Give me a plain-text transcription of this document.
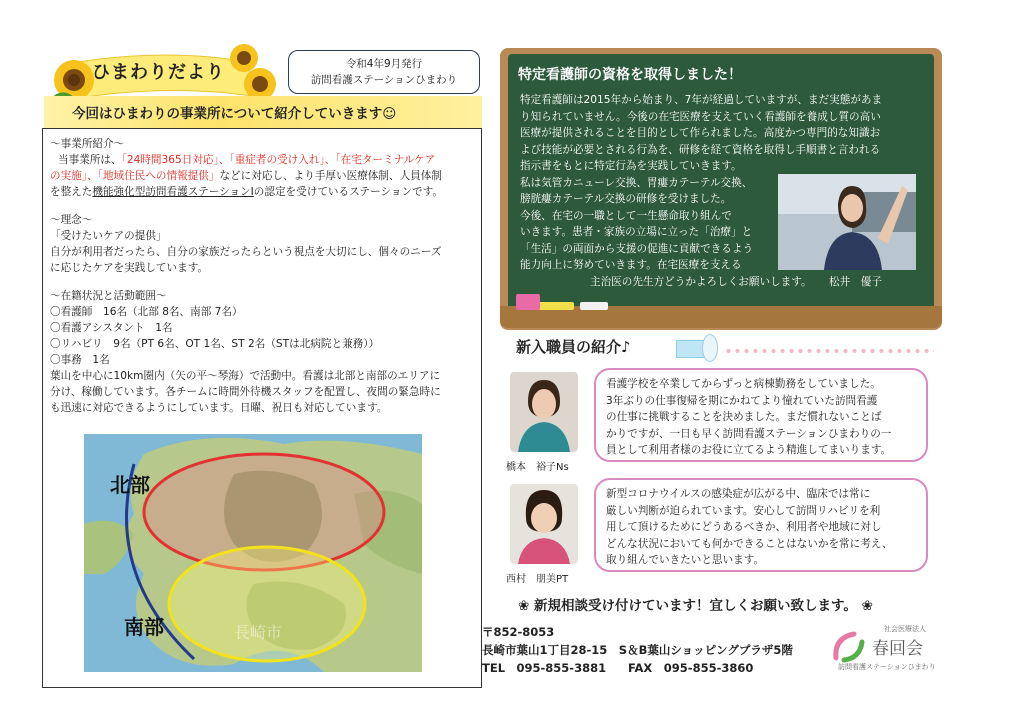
ひまわりだより	令和4年9月発行
訪問看護ステーションひまわり
今回はひまわりの事業所について紹介していきます☺
～事業所紹介～
当事業所は、「24時間365日対応」、「重症者の受け入れ」、「在宅ターミナルケア
の実施」、「地域住民への情報提供」などに対応し、より手厚い医療体制、人員体制
を整えた機能強化型訪問看護ステーションⅠの認定を受けているステーションです。
～理念～
「受けたいケアの提供」
自分が利用者だったら、自分の家族だったらという視点を大切にし、個々のニーズ
に応じたケアを実践しています。
～在籍状況と活動範囲～
〇看護師　16名（北部 8名、南部 7名）
〇看護アシスタント　1名
〇リハビリ　9名（PT 6名、OT 1名、ST 2名（STは北病院と兼務））
〇事務　1名
葉山を中心に10km圏内（矢の平～琴海）で活動中。看護は北部と南部のエリアに
分け、稼働しています。各チームに時間外待機スタッフを配置し、夜間の緊急時に
も迅速に対応できるようにしています。日曜、祝日も対応しています。
北部
南部	長崎市
特定看護師の資格を取得しました！
特定看護師は2015年から始まり、7年が経過していますが、まだ実態があま
り知られていません。今後の在宅医療を支えていく看護師を養成し質の高い
医療が提供されることを目的として作られました。高度かつ専門的な知識お
よび技能が必要とされる行為を、研修を経て資格を取得し手順書と言われる
指示書をもとに特定行為を実践していきます。
私は気管カニューレ交換、胃瘻カテーテル交換、
膀胱瘻カテーテル交換の研修を受けました。
今後、在宅の一職として一生懸命取り組んで
いきます。患者・家族の立場に立った「治療」と
「生活」の両面から支援の促進に貢献できるよう
能力向上に努めていきます。在宅医療を支える
主治医の先生方どうかよろしくお願いします。 松井　優子
新入職員の紹介♪
橋本　裕子Ns
看護学校を卒業してからずっと病棟勤務をしていました。
3年ぶりの仕事復帰を期にかねてより憧れていた訪問看護
の仕事に挑戦することを決めました。まだ慣れないことば
かりですが、一日も早く訪問看護ステーションひまわりの一
員として利用者様のお役に立てるよう精進してまいります。
西村　朋美PT
新型コロナウイルスの感染症が広がる中、臨床では常に
厳しい判断が迫られています。安心して訪問リハビリを利
用して頂けるためにどうあるべきか、利用者や地域に対し
どんな状況においても何かできることはないかを常に考え、
取り組んでいきたいと思います。
❀ 新規相談受け付けています！宜しくお願い致します。 ❀
〒852-8053
長崎市葉山1丁目28-15　S＆B葉山ショッピングプラザ5階
TEL　095-855-3881 FAX　095-855-3860
社会医療法人
春回会
訪問看護ステーションひまわり
